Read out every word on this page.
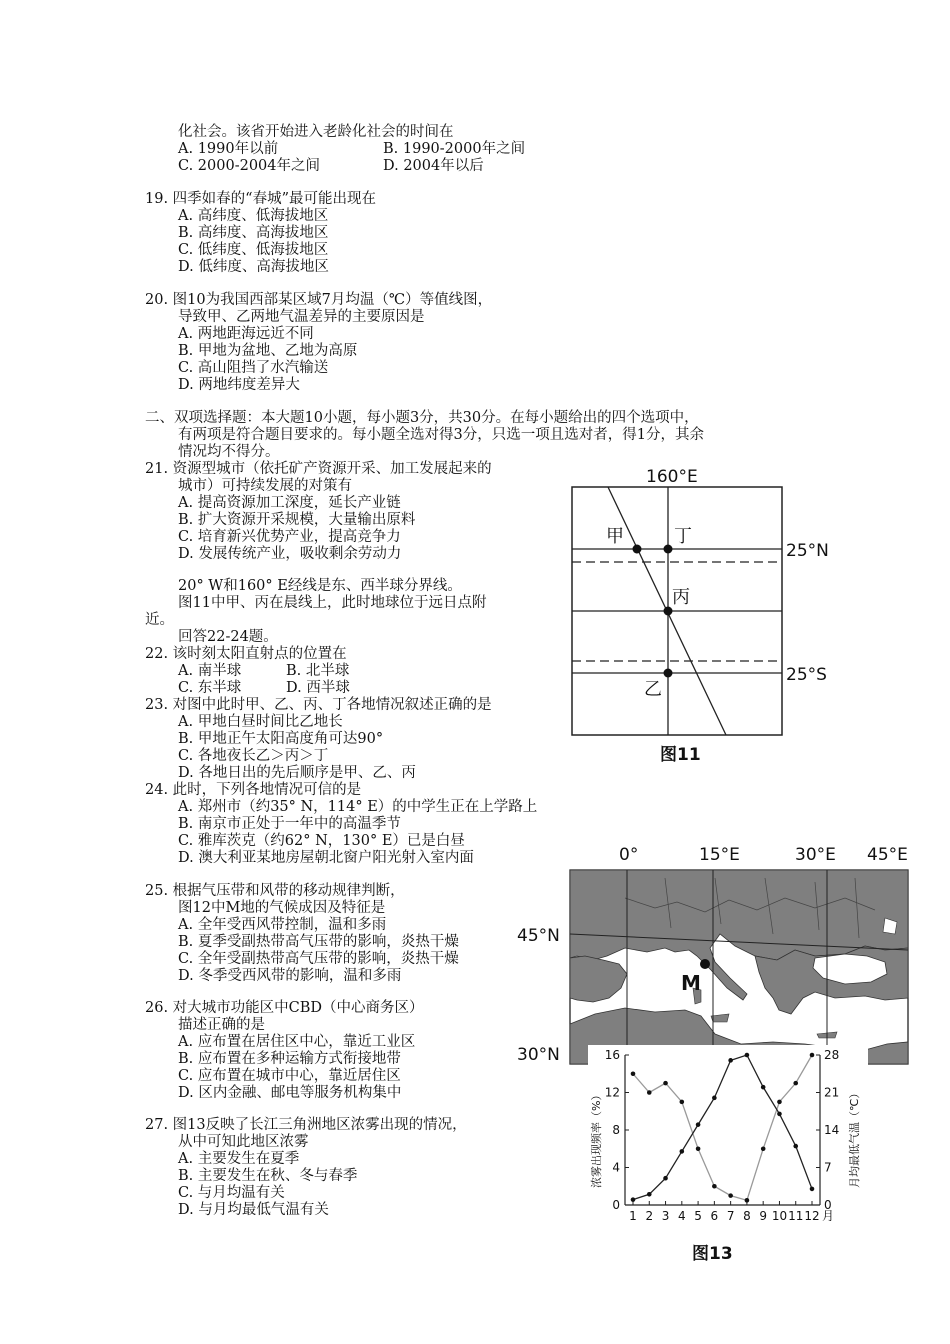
化社会。该省开始进入老龄化社会的时间在
A. 1990年以前	B. 1990-2000年之间
C. 2000-2004年之间	D. 2004年以后
19. 四季如春的“春城”最可能出现在
A. 高纬度、低海拔地区
B. 高纬度、高海拔地区
C. 低纬度、低海拔地区
D. 低纬度、高海拔地区
20. 图10为我国西部某区域7月均温（℃）等值线图，
导致甲、乙两地气温差异的主要原因是
A. 两地距海远近不同
B. 甲地为盆地、乙地为高原
C. 高山阻挡了水汽输送
D. 两地纬度差异大
二、双项选择题：本大题10小题，每小题3分，共30分。在每小题给出的四个选项中，
有两项是符合题目要求的。每小题全选对得3分，只选一项且选对者，得1分，其余
情况均不得分。
21. 资源型城市（依托矿产资源开采、加工发展起来的
城市）可持续发展的对策有
A. 提高资源加工深度，延长产业链
B. 扩大资源开采规模，大量输出原料
C. 培育新兴优势产业，提高竞争力
D. 发展传统产业，吸收剩余劳动力
20° W和160° E经线是东、西半球分界线。
图11中甲、丙在晨线上，此时地球位于远日点附
近。
回答22-24题。
22. 该时刻太阳直射点的位置在
A. 南半球	B. 北半球
C. 东半球	D. 西半球
23. 对图中此时甲、乙、丙、丁各地情况叙述正确的是
A. 甲地白昼时间比乙地长
B. 甲地正午太阳高度角可达90°
C. 各地夜长乙＞丙＞丁
D. 各地日出的先后顺序是甲、乙、丙
24. 此时，下列各地情况可信的是
A. 郑州市（约35° N，114° E）的中学生正在上学路上
B. 南京市正处于一年中的高温季节
C. 雅库茨克（约62° N，130° E）已是白昼
D. 澳大利亚某地房屋朝北窗户阳光射入室内面
25. 根据气压带和风带的移动规律判断，
图12中M地的气候成因及特征是
A. 全年受西风带控制，温和多雨
B. 夏季受副热带高气压带的影响，炎热干燥
C. 全年受副热带高气压带的影响，炎热干燥
D. 冬季受西风带的影响，温和多雨
26. 对大城市功能区中CBD（中心商务区）
描述正确的是
A. 应布置在居住区中心，靠近工业区
B. 应布置在多种运输方式衔接地带
C. 应布置在城市中心，靠近居住区
D. 区内金融、邮电等服务机构集中
27. 图13反映了长江三角洲地区浓雾出现的情况，
从中可知此地区浓雾
A. 主要发生在夏季
B. 主要发生在秋、冬与春季
C. 与月均温有关
D. 与月均最低气温有关
160°E
25°N
25°S
甲	丁
丙
乙
图11
M
0°	15°E	30°E 45°E
45°N
30°N
0
4
8
12
16
0
7
14
21
28
1 2 3 4 5 6 7 8 9 10 11 12 月
浓雾出现频率（%）	月均最低气温（℃）
图13
